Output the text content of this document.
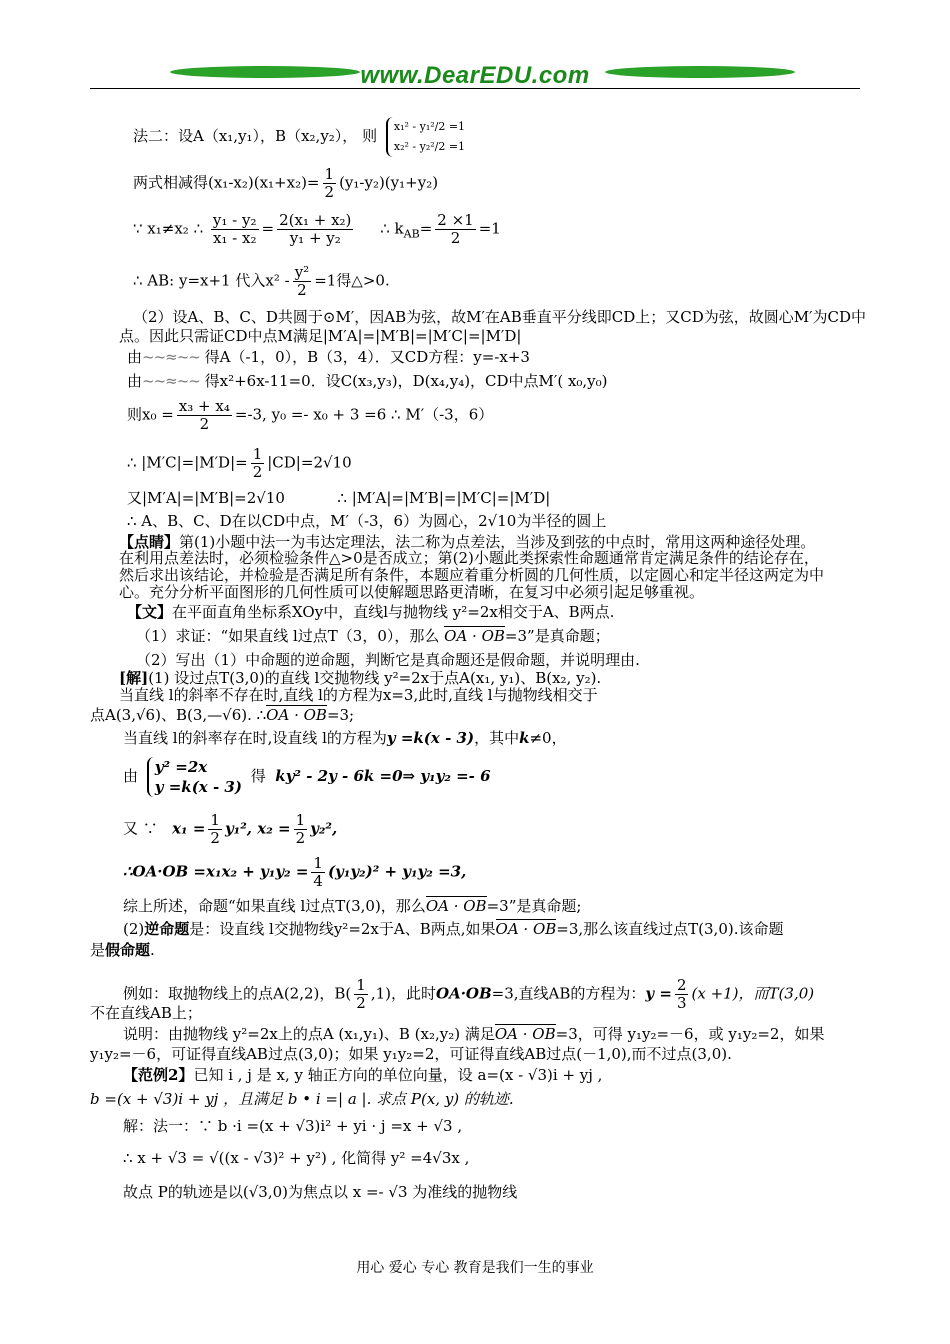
www.DearEDU.com
法二：设A（x₁,y₁），B（x₂,y₂）， 则
x₁² - y₁²/2 =1
x₂² - y₂²/2 =1
两式相减得$(x_1-x_2)(x_1+x_2)= \frac{1}{2} (y_1-y_2)(y_1+y_2)$
∵ x₁≠x₂ ∴ $\frac{\text{y₁ - y₂}}{\text{x₁ - x₂}} = \frac{\text{2(x₁ + x₂)}}{\text{y₁ + y₂}}$ ∴ $k_{AB}= \frac{2 \times 1}{2} =1$
∴ AB: y=x+1 代入$x^2 - \frac{\text{y²}}{2} =1$得△>0.
（2）设A、B、C、D共圆于⊙M′，因AB为弦，故M′在AB垂直平分线即CD上；又CD为弦，故圆心M′为CD中
点。因此只需证CD中点M满足|M′A|=|M′B|=|M′C|=|M′D|
由~~≈~~ 得A（-1，0），B（3，4）．又CD方程：y=-x+3
由~~≈~~ 得x²+6x-11=0．设C(x₃,y₃)，D(x₄,y₄)，CD中点M′( x₀,y₀)
则$x_0 = \frac{\text{x₃ + x₄}}{2} =-3$, y₀ =- x₀ + 3 =6 ∴ M′（-3，6）
∴ $|M'C|=|M'D|= \frac{1}{2} |CD|=2√10$
又|M′A|=|M′B|=2√10	∴ |M′A|=|M′B|=|M′C|=|M′D|
∴ A、B、C、D在以CD中点，M′（-3，6）为圆心，2√10为半径的圆上
【点睛】第(1)小题中法一为韦达定理法，法二称为点差法，当涉及到弦的中点时，常用这两种途径处理。
在利用点差法时，必须检验条件△>0是否成立；第(2)小题此类探索性命题通常肯定满足条件的结论存在，
然后求出该结论，并检验是否满足所有条件，本题应着重分析圆的几何性质，以定圆心和定半径这两定为中
心。充分分析平面图形的几何性质可以使解题思路更清晰，在复习中必须引起足够重视。
【文】在平面直角坐标系XOy中，直线l与抛物线 y²=2x相交于A、B两点.
（1）求证：“如果直线 l过点T（3，0），那么 OA · OB=3”是真命题；
（2）写出（1）中命题的逆命题，判断它是真命题还是假命题，并说明理由.
[解](1) 设过点T(3,0)的直线 l交抛物线 y²=2x于点A(x₁, y₁)、B(x₂, y₂).
当直线 l的斜率不存在时,直线 l的方程为x=3,此时,直线 l与抛物线相交于
点A(3,√6)、B(3,—√6). ∴OA · OB=3;
当直线 l的斜率存在时,设直线 l的方程为y =k(x - 3)，其中k≠0，
由 y² =2x
y =k(x - 3)
得 ky² - 2y - 6k =0⇒ y₁y₂ =- 6
又 ∵ $x_1 = \frac{1}{2} y_1^2$, $x_2 = \frac{1}{2} y_2^2$,
∴OA·OB $=x_1x_2 + y_1y_2 = \frac{1}{4} (y_1y_2)^2 + y_1y_2 =3$,
综上所述，命题“如果直线 l过点T(3,0)，那么OA · OB=3”是真命题;
(2)逆命题是：设直线 l交抛物线y²=2x于A、B两点,如果OA · OB=3,那么该直线过点T(3,0).该命题
是假命题.
例如：取抛物线上的点A(2,2)，$B( \frac{1}{2} ,1)$，此时OA·OB=3,直线AB的方程为：$y = \frac{2}{3} (x +1)$，而T(3,0)
不在直线AB上；
说明：由抛物线 y²=2x上的点A (x₁,y₁)、B (x₂,y₂) 满足OA · OB=3，可得 y₁y₂=－6，或 y₁y₂=2，如果
y₁y₂=－6，可证得直线AB过点(3,0)；如果 y₁y₂=2，可证得直线AB过点(－1,0),而不过点(3,0).
【范例2】已知 i , j 是 x, y 轴正方向的单位向量，设 a=(x - √3)i + yj ,
b =(x + √3)i + yj ，且满足 b • i =| a |. 求点 P(x, y) 的轨迹.
解：法一：∵ b ·i =(x + √3)i² + yi · j =x + √3 ,
∴ x + √3 = √((x - √3)² + y²) , 化简得 y² =4√3x ,
故点 P的轨迹是以(√3,0)为焦点以 x =- √3 为准线的抛物线
用心 爱心 专心 教育是我们一生的事业
